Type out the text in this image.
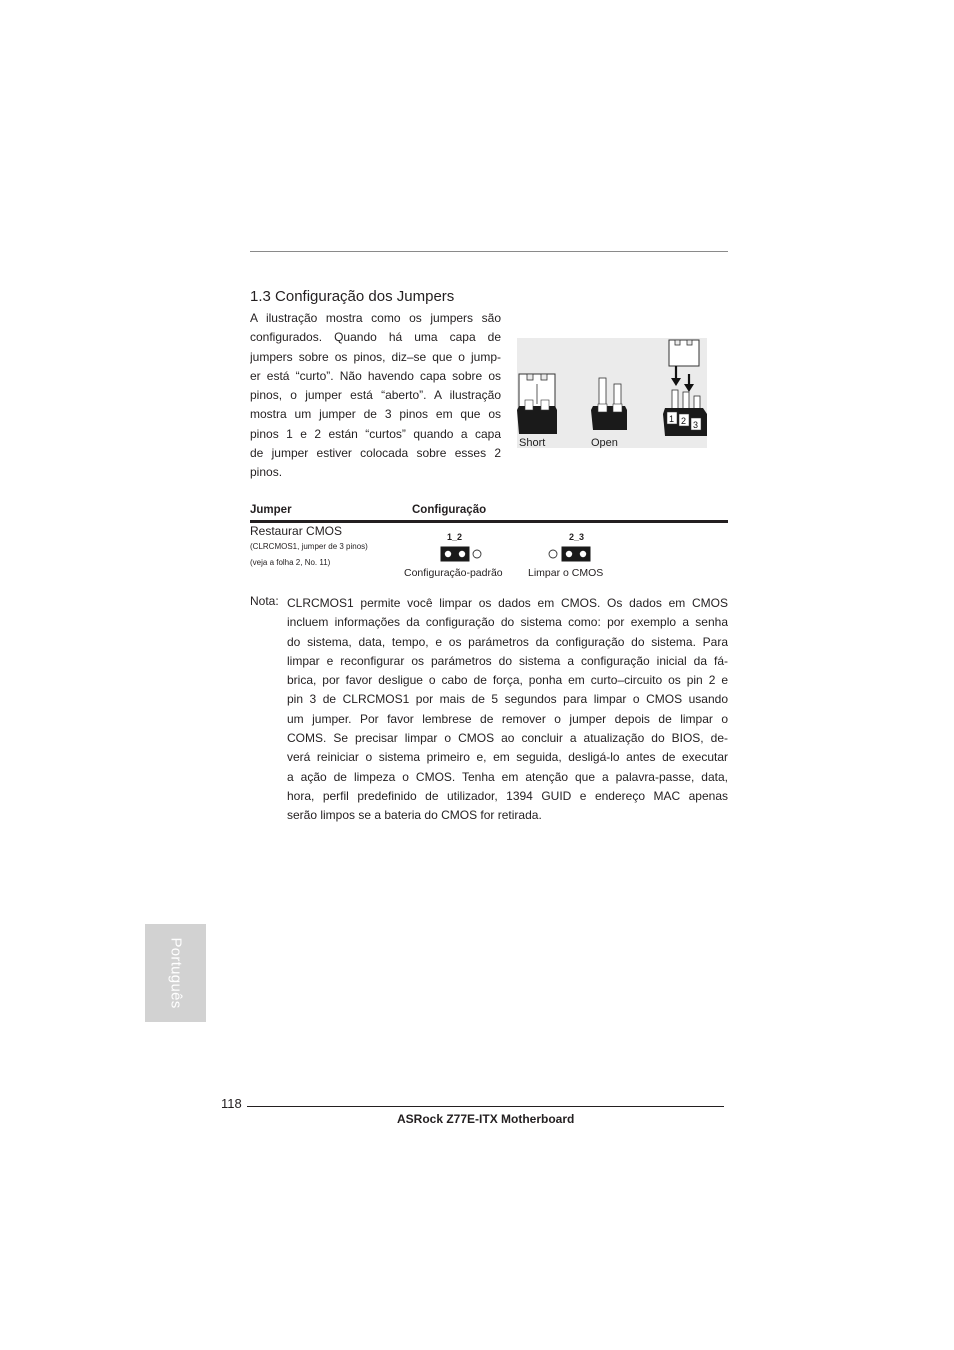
1.3 Configuração dos Jumpers
A ilustração mostra como os jumpers são
configurados. Quando há uma capa de
jumpers sobre os pinos, diz–se que o jump-
er está “curto”. Não havendo capa sobre os
pinos, o jumper está “aberto”. A ilustração
mostra um jumper de 3 pinos em que os
pinos 1 e 2 están “curtos” quando a capa
de jumper estiver colocada sobre esses 2
pinos.
Short	Open
1 2 3
Jumper	Configuração
Restaurar CMOS
(CLRCMOS1, jumper de 3 pinos)
(veja a folha 2, No. 11)
1_2
Configuração-padrão
2_3
Limpar o CMOS
Nota: CLRCMOS1 permite você limpar os dados em CMOS. Os dados em CMOS
incluem informações da configuração do sistema como: por exemplo a senha
do sistema, data, tempo, e os parámetros da configuração do sistema. Para
limpar e reconfigurar os parámetros do sistema a configuração inicial da fá-
brica, por favor desligue o cabo de força, ponha em curto–circuito os pin 2 e
pin 3 de CLRCMOS1 por mais de 5 segundos para limpar o CMOS usando
um jumper. Por favor lembrese de remover o jumper depois de limpar o
COMS. Se precisar limpar o CMOS ao concluir a atualização do BIOS, de-
verá reiniciar o sistema primeiro e, em seguida, desligá-lo antes de executar
a ação de limpeza o CMOS. Tenha em atenção que a palavra-passe, data,
hora, perfil predefinido de utilizador, 1394 GUID e endereço MAC apenas
serão limpos se a bateria do CMOS for retirada.
Português
118
ASRock Z77E-ITX Motherboard
